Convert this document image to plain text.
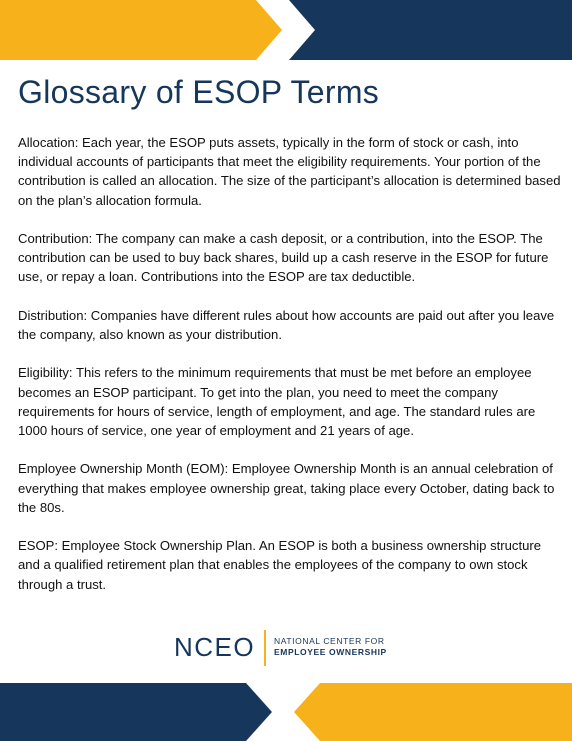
Glossary of ESOP Terms

Allocation: Each year, the ESOP puts assets, typically in the form of stock or cash, into individual accounts of participants that meet the eligibility requirements. Your portion of the contribution is called an allocation. The size of the participant’s allocation is determined based on the plan’s allocation formula.

Contribution: The company can make a cash deposit, or a contribution, into the ESOP. The contribution can be used to buy back shares, build up a cash reserve in the ESOP for future use, or repay a loan. Contributions into the ESOP are tax deductible.

Distribution: Companies have different rules about how accounts are paid out after you leave the company, also known as your distribution.

Eligibility: This refers to the minimum requirements that must be met before an employee becomes an ESOP participant. To get into the plan, you need to meet the company requirements for hours of service, length of employment, and age. The standard rules are 1000 hours of service, one year of employment and 21 years of age.

Employee Ownership Month (EOM): Employee Ownership Month is an annual celebration of everything that makes employee ownership great, taking place every October, dating back to the 80s.

ESOP: Employee Stock Ownership Plan. An ESOP is both a business ownership structure and a qualified retirement plan that enables the employees of the company to own stock through a trust.

NCEO NATIONAL CENTER FOR
EMPLOYEE OWNERSHIP
